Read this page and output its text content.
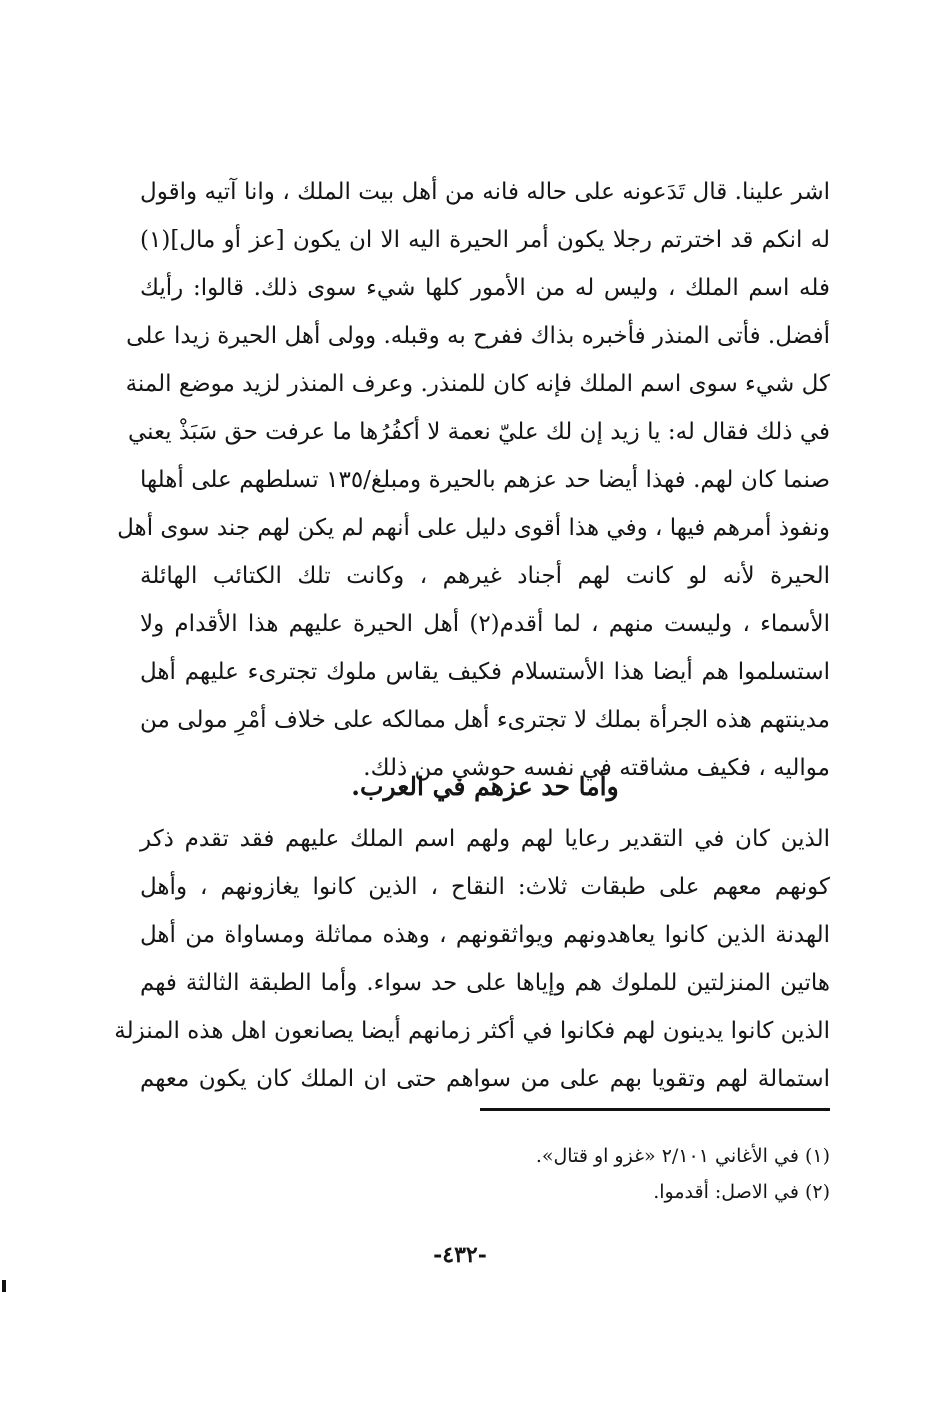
اشر علينا. قال تَدَعونه على حاله فانه من أهل بيت الملك ، وانا آتيه واقول
له انكم قد اخترتم رجلا يكون أمر الحيرة اليه الا ان يكون [عز أو مال](١)
فله اسم الملك ، وليس له من الأمور كلها شيء سوى ذلك. قالوا: رأيك
أفضل. فأتى المنذر فأخبره بذاك ففرح به وقبله. وولى أهل الحيرة زيدا على
كل شيء سوى اسم الملك فإنه كان للمنذر. وعرف المنذر لزيد موضع المنة
في ذلك فقال له: يا زيد إن لك عليّ نعمة لا أكفُرُها ما عرفت حق سَبَذْ يعني
صنما كان لهم. فهذا أيضا حد عزهم بالحيرة ومبلغ/١٣٥ تسلطهم على أهلها
ونفوذ أمرهم فيها ، وفي هذا أقوى دليل على أنهم لم يكن لهم جند سوى أهل
الحيرة لأنه لو كانت لهم أجناد غيرهم ، وكانت تلك الكتائب الهائلة
الأسماء ، وليست منهم ، لما أقدم(٢) أهل الحيرة عليهم هذا الأقدام ولا
استسلموا هم أيضا هذا الأستسلام فكيف يقاس ملوك تجترىء عليهم أهل
مدينتهم هذه الجرأة بملك لا تجترىء أهل ممالكه على خلاف أمْرِ مولى من
مواليه ، فكيف مشاقته في نفسه حوشي من ذلك.
وأما حد عزهم في العرب.
الذين كان في التقدير رعايا لهم ولهم اسم الملك عليهم فقد تقدم ذكر
كونهم معهم على طبقات ثلاث: النقاح ، الذين كانوا يغازونهم ، وأهل
الهدنة الذين كانوا يعاهدونهم ويواثقونهم ، وهذه مماثلة ومساواة من أهل
هاتين المنزلتين للملوك هم وإياها على حد سواء. وأما الطبقة الثالثة فهم
الذين كانوا يدينون لهم فكانوا في أكثر زمانهم أيضا يصانعون اهل هذه المنزلة
استمالة لهم وتقويا بهم على من سواهم حتى ان الملك كان يكون معهم
(١) في الأغاني ٢/١٠١ «غزو او قتال».
(٢) في الاصل: أقدموا.
-٤٣٢-
